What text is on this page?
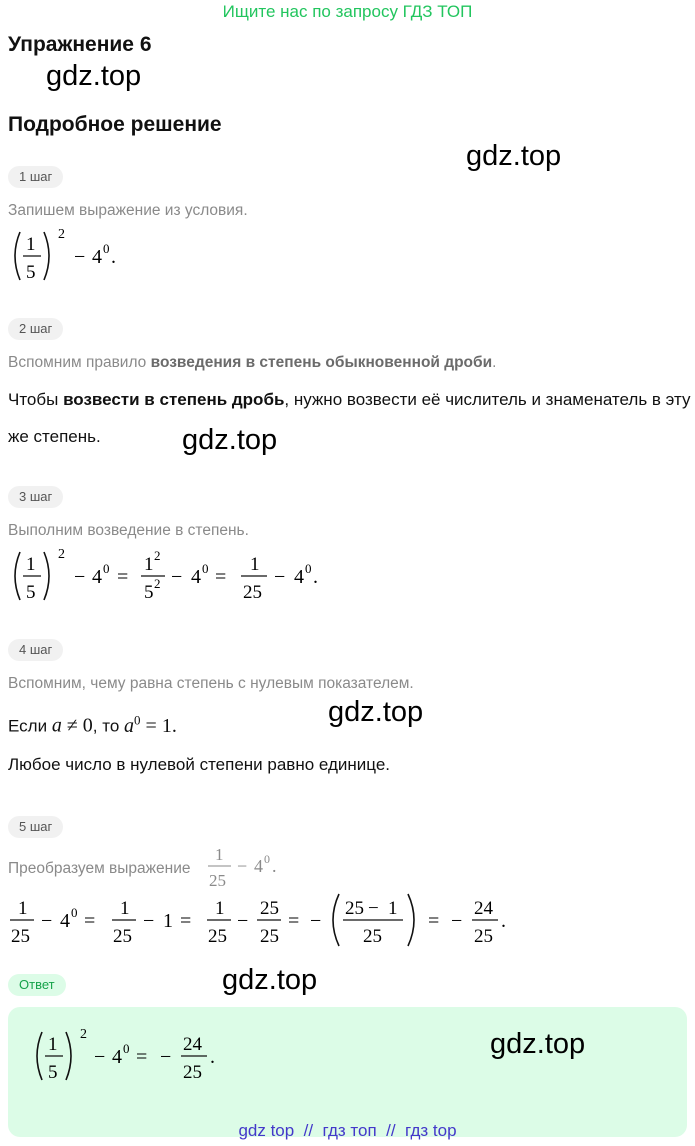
Ищите нас по запросу ГДЗ ТОП
Упражнение 6
gdz.top
Подробное решение
gdz.top
1 шаг
Запишем выражение из условия.
1
5
2
− 4 0 .
2 шаг
Вспомним правило возведения в степень обыкновенной дроби.
Чтобы возвести в степень дробь, нужно возвести её числитель и знаменатель в эту же степень.	gdz.top
3 шаг
Выполним возведение в степень.
1
5
2
− 4 0 =
1 2
5 2 − 4 0 =
1
25
− 4 0 .
4 шаг
Вспомним, чему равна степень с нулевым показателем.
Если a ≠ 0, то $a^0 = 1$.	gdz.top
Любое число в нулевой степени равно единице.
5 шаг
Преобразуем выражение
1
25
− 4 0 .
1
25
− 4 0 =
1
25
− 1 =
1
25
−
25
25
= −
25 − 1
25
= −
24
25
.
Ответ	gdz.top
1
5
2
− 4 0 = −
24
25
.	gdz.top
gdz top  //  гдз топ  //  гдз top
